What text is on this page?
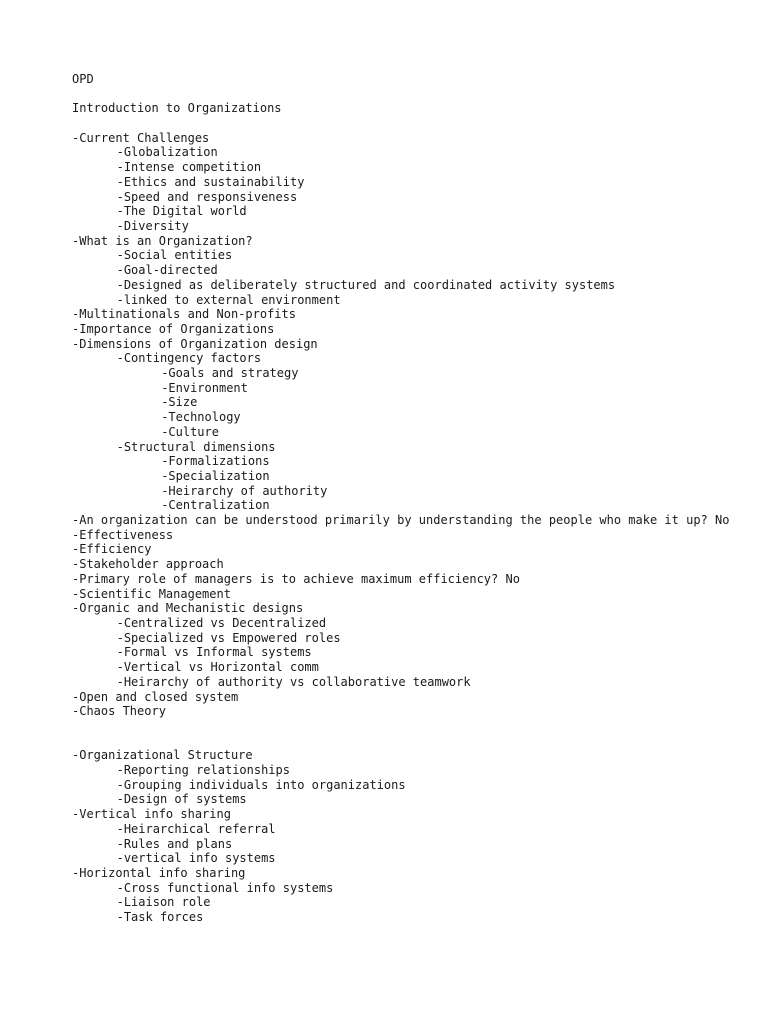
OPD
Introduction to Organizations
-Current Challenges
-Globalization
-Intense competition
-Ethics and sustainability
-Speed and responsiveness
-The Digital world
-Diversity
-What is an Organization?
-Social entities
-Goal-directed
-Designed as deliberately structured and coordinated activity systems
-linked to external environment
-Multinationals and Non-profits
-Importance of Organizations
-Dimensions of Organization design
-Contingency factors
-Goals and strategy
-Environment
-Size
-Technology
-Culture
-Structural dimensions
-Formalizations
-Specialization
-Heirarchy of authority
-Centralization
-An organization can be understood primarily by understanding the people who make it up? No
-Effectiveness
-Efficiency
-Stakeholder approach
-Primary role of managers is to achieve maximum efficiency? No
-Scientific Management
-Organic and Mechanistic designs
-Centralized vs Decentralized
-Specialized vs Empowered roles
-Formal vs Informal systems
-Vertical vs Horizontal comm
-Heirarchy of authority vs collaborative teamwork
-Open and closed system
-Chaos Theory
-Organizational Structure
-Reporting relationships
-Grouping individuals into organizations
-Design of systems
-Vertical info sharing
-Heirarchical referral
-Rules and plans
-vertical info systems
-Horizontal info sharing
-Cross functional info systems
-Liaison role
-Task forces
